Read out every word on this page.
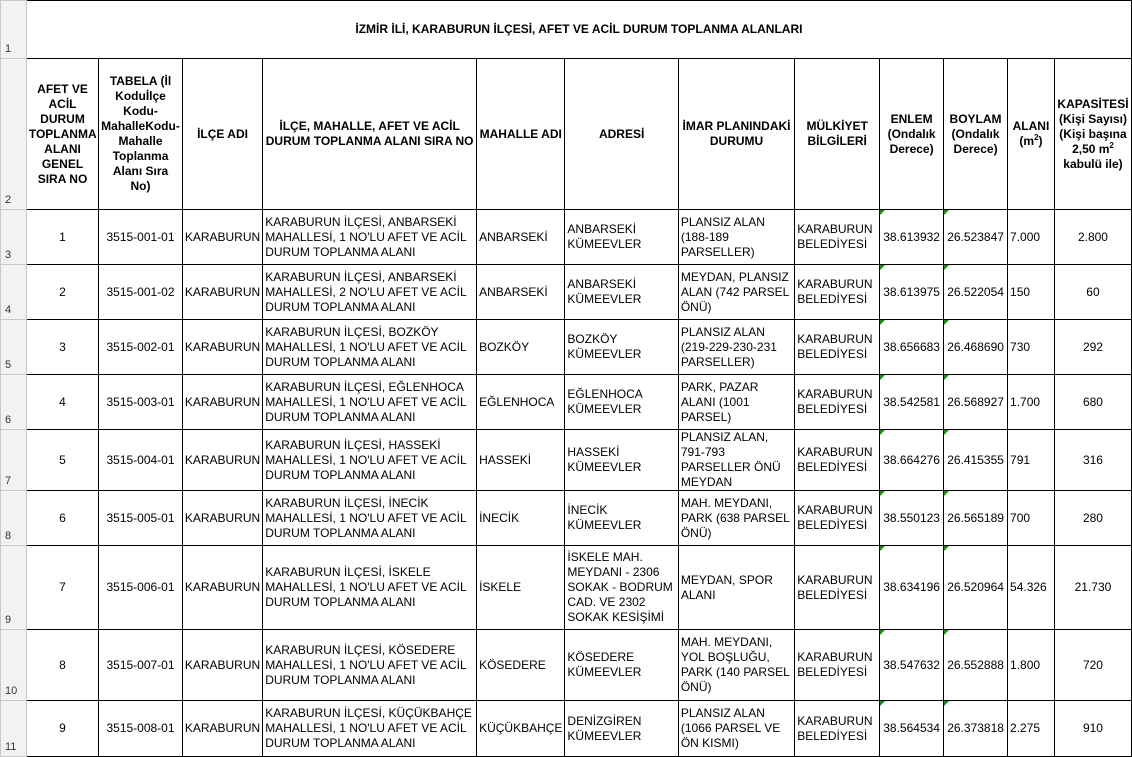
1	İZMİR İLİ, KARABURUN İLÇESİ, AFET VE ACİL DURUM TOPLANMA ALANLARI											
2	AFET VE ACİL DURUM TOPLANMA ALANI GENEL SIRA NO	TABELA (İl Koduİlçe Kodu-MahalleKodu-Mahalle Toplanma Alanı Sıra No)	İLÇE ADI	İLÇE, MAHALLE, AFET VE ACİL DURUM TOPLANMA ALANI SIRA NO	MAHALLE ADI	ADRESİ	İMAR PLANINDAKİ DURUMU	MÜLKİYET BİLGİLERİ	ENLEM (Ondalık Derece)	BOYLAM (Ondalık Derece)	ALANI $(m^2)$	KAPASİTESİ (Kişi Sayısı) (Kişi başına 2,50 $m^2$ kabulü ile)
3	1	3515-001-01	KARABURUN	KARABURUN İLÇESİ, ANBARSEKİ MAHALLESİ, 1 NO'LU AFET VE ACİL DURUM TOPLANMA ALANI	ANBARSEKİ	ANBARSEKİ KÜMEEVLER	PLANSIZ ALAN (188-189 PARSELLER)	KARABURUN BELEDİYESİ	38.613932	26.523847	7.000	2.800
4	2	3515-001-02	KARABURUN	KARABURUN İLÇESİ, ANBARSEKİ MAHALLESİ, 2 NO'LU AFET VE ACİL DURUM TOPLANMA ALANI	ANBARSEKİ	ANBARSEKİ KÜMEEVLER	MEYDAN, PLANSIZ ALAN (742 PARSEL ÖNÜ)	KARABURUN BELEDİYESİ	38.613975	26.522054	150	60
5	3	3515-002-01	KARABURUN	KARABURUN İLÇESİ, BOZKÖY MAHALLESİ, 1 NO'LU AFET VE ACİL DURUM TOPLANMA ALANI	BOZKÖY	BOZKÖY KÜMEEVLER	PLANSIZ ALAN (219-229-230-231 PARSELLER)	KARABURUN BELEDİYESİ	38.656683	26.468690	730	292
6	4	3515-003-01	KARABURUN	KARABURUN İLÇESİ, EĞLENHOCA MAHALLESİ, 1 NO'LU AFET VE ACİL DURUM TOPLANMA ALANI	EĞLENHOCA	EĞLENHOCA KÜMEEVLER	PARK, PAZAR ALANI (1001 PARSEL)	KARABURUN BELEDİYESİ	38.542581	26.568927	1.700	680
7	5	3515-004-01	KARABURUN	KARABURUN İLÇESİ, HASSEKİ MAHALLESİ, 1 NO'LU AFET VE ACİL DURUM TOPLANMA ALANI	HASSEKİ	HASSEKİ KÜMEEVLER	PLANSIZ ALAN, 791-793 PARSELLER ÖNÜ MEYDAN	KARABURUN BELEDİYESİ	38.664276	26.415355	791	316
8	6	3515-005-01	KARABURUN	KARABURUN İLÇESİ, İNECİK MAHALLESİ, 1 NO'LU AFET VE ACİL DURUM TOPLANMA ALANI	İNECİK	İNECİK KÜMEEVLER	MAH. MEYDANI, PARK (638 PARSEL ÖNÜ)	KARABURUN BELEDİYESİ	38.550123	26.565189	700	280
9	7	3515-006-01	KARABURUN	KARABURUN İLÇESİ, İSKELE MAHALLESİ, 1 NO'LU AFET VE ACİL DURUM TOPLANMA ALANI	İSKELE	İSKELE MAH. MEYDANI - 2306 SOKAK - BODRUM CAD. VE 2302 SOKAK KESİŞİMİ	MEYDAN, SPOR ALANI	KARABURUN BELEDİYESİ	38.634196	26.520964	54.326	21.730
10	8	3515-007-01	KARABURUN	KARABURUN İLÇESİ, KÖSEDERE MAHALLESİ, 1 NO'LU AFET VE ACİL DURUM TOPLANMA ALANI	KÖSEDERE	KÖSEDERE KÜMEEVLER	MAH. MEYDANI, YOL BOŞLUĞU, PARK (140 PARSEL ÖNÜ)	KARABURUN BELEDİYESİ	38.547632	26.552888	1.800	720
11	9	3515-008-01	KARABURUN	KARABURUN İLÇESİ, KÜÇÜKBAHÇE MAHALLESİ, 1 NO'LU AFET VE ACİL DURUM TOPLANMA ALANI	KÜÇÜKBAHÇE	DENİZGİREN KÜMEEVLER	PLANSIZ ALAN (1066 PARSEL VE ÖN KISMI)	KARABURUN BELEDİYESİ	38.564534	26.373818	2.275	910
